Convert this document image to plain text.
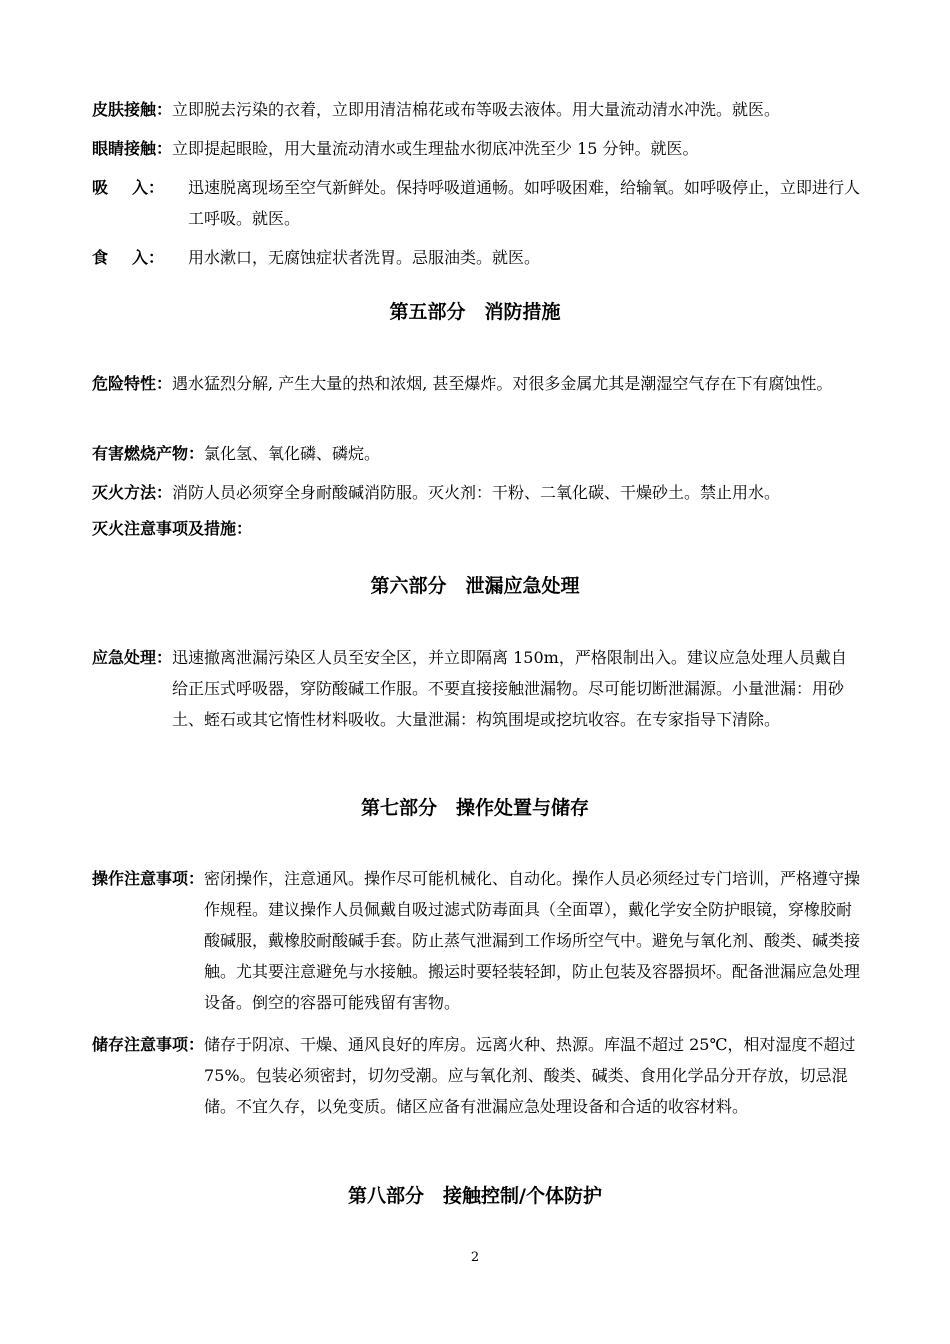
皮肤接触： 立即脱去污染的衣着，立即用清洁棉花或布等吸去液体。用大量流动清水冲洗。就医。
眼睛接触： 立即提起眼睑，用大量流动清水或生理盐水彻底冲洗至少 15 分钟。就医。
吸 入： 迅速脱离现场至空气新鲜处。保持呼吸道通畅。如呼吸困难，给输氧。如呼吸停止，立即进行人工呼吸。就医。
食 入： 用水漱口，无腐蚀症状者洗胃。忌服油类。就医。
第五部分　消防措施
危险特性： 遇水猛烈分解, 产生大量的热和浓烟, 甚至爆炸。对很多金属尤其是潮湿空气存在下有腐蚀性。
有害燃烧产物： 氯化氢、氧化磷、磷烷。
灭火方法： 消防人员必须穿全身耐酸碱消防服。灭火剂：干粉、二氧化碳、干燥砂土。禁止用水。
灭火注意事项及措施：
第六部分　泄漏应急处理
应急处理： 迅速撤离泄漏污染区人员至安全区，并立即隔离 150m，严格限制出入。建议应急处理人员戴自给正压式呼吸器，穿防酸碱工作服。不要直接接触泄漏物。尽可能切断泄漏源。小量泄漏：用砂土、蛭石或其它惰性材料吸收。大量泄漏：构筑围堤或挖坑收容。在专家指导下清除。
第七部分　操作处置与储存
操作注意事项： 密闭操作，注意通风。操作尽可能机械化、自动化。操作人员必须经过专门培训，严格遵守操作规程。建议操作人员佩戴自吸过滤式防毒面具（全面罩），戴化学安全防护眼镜，穿橡胶耐酸碱服，戴橡胶耐酸碱手套。防止蒸气泄漏到工作场所空气中。避免与氧化剂、酸类、碱类接触。尤其要注意避免与水接触。搬运时要轻装轻卸，防止包装及容器损坏。配备泄漏应急处理设备。倒空的容器可能残留有害物。
储存注意事项： 储存于阴凉、干燥、通风良好的库房。远离火种、热源。库温不超过 25℃，相对湿度不超过 75%。包装必须密封，切勿受潮。应与氧化剂、酸类、碱类、食用化学品分开存放，切忌混储。不宜久存，以免变质。储区应备有泄漏应急处理设备和合适的收容材料。
第八部分　接触控制/个体防护
2
